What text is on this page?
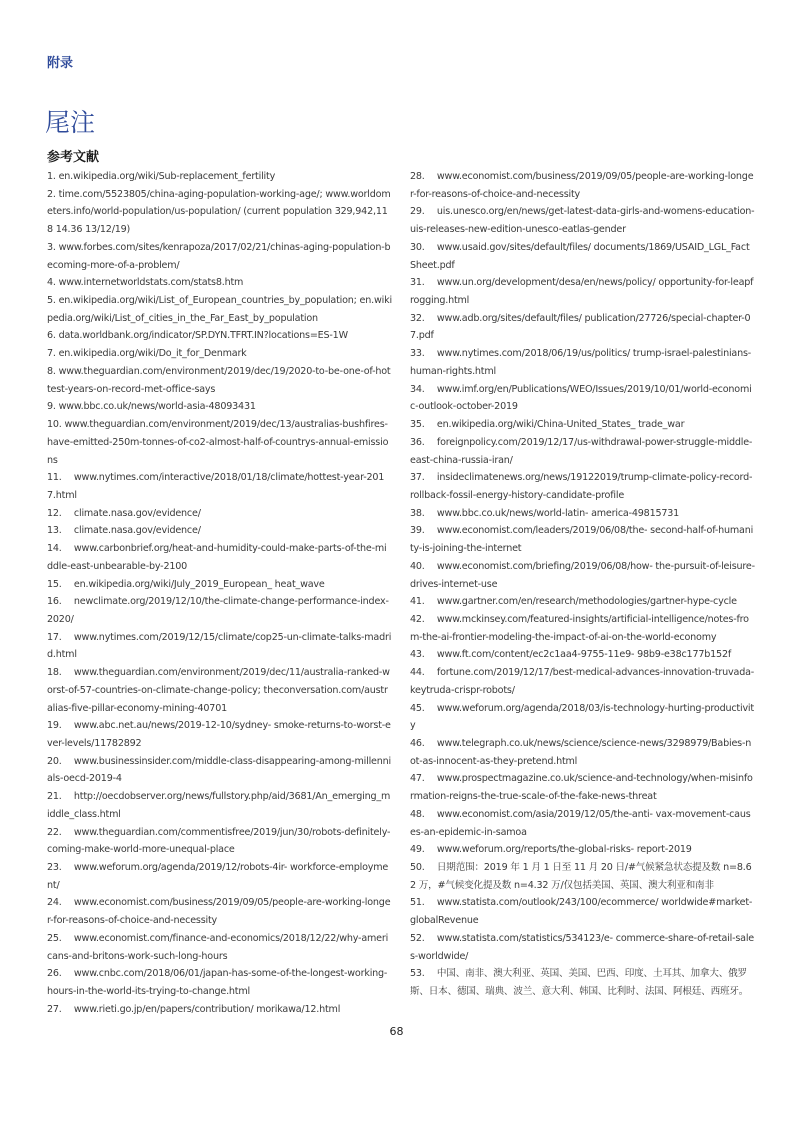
附录
尾注
参考文献

1. en.wikipedia.org/wiki/Sub-replacement_fertility

2. time.com/5523805/china-aging-population-working-age/; www.worldometers.info/world-population/us-population/ (current population 329,942,118 14.36 13/12/19)

3. www.forbes.com/sites/kenrapoza/2017/02/21/chinas-aging-population-becoming-more-of-a-problem/

4. www.internetworldstats.com/stats8.htm

5. en.wikipedia.org/wiki/List_of_European_countries_by_population; en.wikipedia.org/wiki/List_of_cities_in_the_Far_East_by_population

6. data.worldbank.org/indicator/SP.DYN.TFRT.IN?locations=ES-1W

7. en.wikipedia.org/wiki/Do_it_for_Denmark

8. www.theguardian.com/environment/2019/dec/19/2020-to-be-one-of-hottest-years-on-record-met-office-says

9. www.bbc.co.uk/news/world-asia-48093431

10. www.theguardian.com/environment/2019/dec/13/australias-bushfires-have-emitted-250m-tonnes-of-co2-almost-half-of-countrys-annual-emissions

11.　 www.nytimes.com/interactive/2018/01/18/climate/hottest-year-2017.html

12.　 climate.nasa.gov/evidence/

13.　 climate.nasa.gov/evidence/

14.　 www.carbonbrief.org/heat-and-humidity-could-make-parts-of-the-middle-east-unbearable-by-2100

15.　 en.wikipedia.org/wiki/July_2019_European_ heat_wave

16.　 newclimate.org/2019/12/10/the-climate-change-performance-index-2020/

17.　 www.nytimes.com/2019/12/15/climate/cop25-un-climate-talks-madrid.html

18.　 www.theguardian.com/environment/2019/dec/11/australia-ranked-worst-of-57-countries-on-climate-change-policy; theconversation.com/australias-five-pillar-economy-mining-40701

19.　 www.abc.net.au/news/2019-12-10/sydney- smoke-returns-to-worst-ever-levels/11782892

20.　 www.businessinsider.com/middle-class-disappearing-among-millennials-oecd-2019-4

21.　 http://oecdobserver.org/news/fullstory.php/aid/3681/An_emerging_middle_class.html

22.　 www.theguardian.com/commentisfree/2019/jun/30/robots-definitely-coming-make-world-more-unequal-place

23.　 www.weforum.org/agenda/2019/12/robots-4ir- workforce-employment/

24.　 www.economist.com/business/2019/09/05/people-are-working-longer-for-reasons-of-choice-and-necessity

25.　 www.economist.com/finance-and-economics/2018/12/22/why-americans-and-britons-work-such-long-hours

26.　 www.cnbc.com/2018/06/01/japan-has-some-of-the-longest-working-hours-in-the-world-its-trying-to-change.html

27.　 www.rieti.go.jp/en/papers/contribution/ morikawa/12.html

28.　 www.economist.com/business/2019/09/05/people-are-working-longer-for-reasons-of-choice-and-necessity

29.　 uis.unesco.org/en/news/get-latest-data-girls-and-womens-education-uis-releases-new-edition-unesco-eatlas-gender

30.　 www.usaid.gov/sites/default/files/ documents/1869/USAID_LGL_FactSheet.pdf

31.　 www.un.org/development/desa/en/news/policy/ opportunity-for-leapfrogging.html

32.　 www.adb.org/sites/default/files/ publication/27726/special-chapter-07.pdf

33.　 www.nytimes.com/2018/06/19/us/politics/ trump-israel-palestinians-human-rights.html

34.　 www.imf.org/en/Publications/WEO/Issues/2019/10/01/world-economic-outlook-october-2019

35.　 en.wikipedia.org/wiki/China-United_States_ trade_war

36.　 foreignpolicy.com/2019/12/17/us-withdrawal-power-struggle-middle-east-china-russia-iran/

37.　 insideclimatenews.org/news/19122019/trump-climate-policy-record-rollback-fossil-energy-history-candidate-profile

38.　 www.bbc.co.uk/news/world-latin- america-49815731

39.　 www.economist.com/leaders/2019/06/08/the- second-half-of-humanity-is-joining-the-internet

40.　 www.economist.com/briefing/2019/06/08/how- the-pursuit-of-leisure-drives-internet-use

41.　 www.gartner.com/en/research/methodologies/gartner-hype-cycle

42.　 www.mckinsey.com/featured-insights/artificial-intelligence/notes-from-the-ai-frontier-modeling-the-impact-of-ai-on-the-world-economy

43.　 www.ft.com/content/ec2c1aa4-9755-11e9- 98b9-e38c177b152f

44.　 fortune.com/2019/12/17/best-medical-advances-innovation-truvada-keytruda-crispr-robots/

45.　 www.weforum.org/agenda/2018/03/is-technology-hurting-productivity

46.　 www.telegraph.co.uk/news/science/science-news/3298979/Babies-not-as-innocent-as-they-pretend.html

47.　 www.prospectmagazine.co.uk/science-and-technology/when-misinformation-reigns-the-true-scale-of-the-fake-news-threat

48.　 www.economist.com/asia/2019/12/05/the-anti- vax-movement-causes-an-epidemic-in-samoa

49.　 www.weforum.org/reports/the-global-risks- report-2019

50.　 日期范围：2019 年 1 月 1 日至 11 月 20 日/#气候紧急状态提及数 n=8.62 万，#气候变化提及数 n=4.32 万/仅包括美国、英国、澳大利亚和南非

51.　 www.statista.com/outlook/243/100/ecommerce/ worldwide#market-globalRevenue

52.　 www.statista.com/statistics/534123/e- commerce-share-of-retail-sales-worldwide/

53.　 中国、南非、澳大利亚、英国、美国、巴西、印度、土耳其、加拿大、俄罗斯、日本、德国、瑞典、波兰、意大利、韩国、比利时、法国、阿根廷、西班牙。

68
